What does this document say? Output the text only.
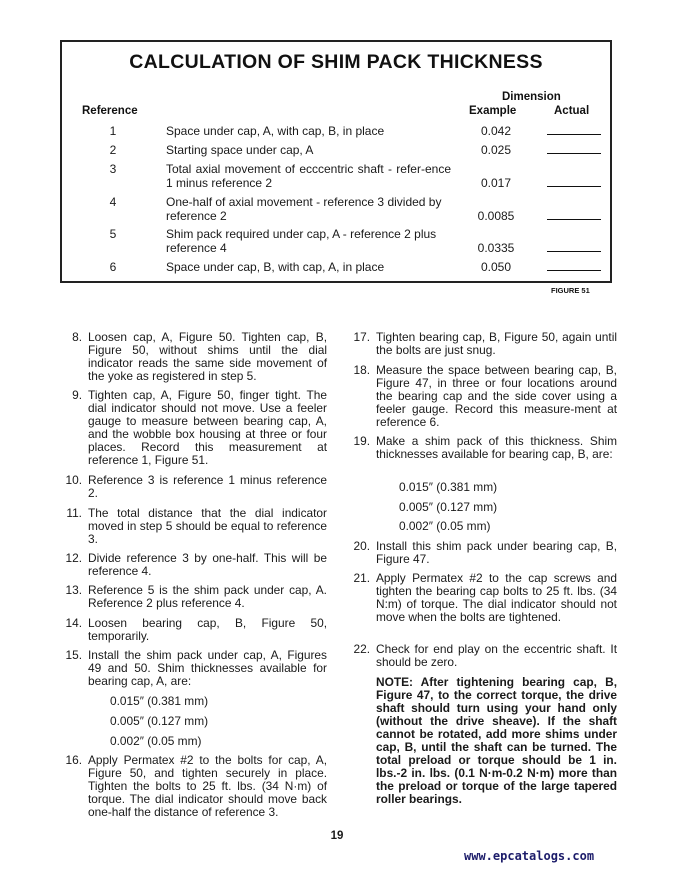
CALCULATION OF SHIM PACK THICKNESS
Reference
Dimension
Example	Actual
1	Space under cap, A, with cap, B, in place	0.042
2	Starting space under cap, A	0.025
3	Total axial movement of ecccentric shaft - refer-ence 1 minus reference 2	0.017
4	One-half of axial movement - reference 3 divided by reference 2	0.0085
5	Shim pack required under cap, A - reference 2 plus reference 4	0.0335
6	Space under cap, B, with cap, A, in place	0.050
FIGURE 51
8. Loosen cap, A, Figure 50. Tighten cap, B, Figure 50, without shims until the dial indicator reads the same side movement of the yoke as registered in step 5.
9. Tighten cap, A, Figure 50, finger tight. The dial indicator should not move. Use a feeler gauge to measure between bearing cap, A, and the wobble box housing at three or four places. Record this measurement at reference 1, Figure 51.
10. Reference 3 is reference 1 minus reference 2.
11. The total distance that the dial indicator moved in step 5 should be equal to reference 3.
12. Divide reference 3 by one-half. This will be reference 4.
13. Reference 5 is the shim pack under cap, A. Reference 2 plus reference 4.
14. Loosen bearing cap, B, Figure 50, temporarily.
15. Install the shim pack under cap, A, Figures 49 and 50. Shim thicknesses available for bearing cap, A, are:
0.015″ (0.381 mm)
0.005″ (0.127 mm)
0.002″ (0.05 mm)
16. Apply Permatex #2 to the bolts for cap, A, Figure 50, and tighten securely in place. Tighten the bolts to 25 ft. lbs. (34 N·m) of torque. The dial indicator should move back one-half the distance of reference 3.
17. Tighten bearing cap, B, Figure 50, again until the bolts are just snug.
18. Measure the space between bearing cap, B, Figure 47, in three or four locations around the bearing cap and the side cover using a feeler gauge. Record this measure-ment at reference 6.
19. Make a shim pack of this thickness. Shim thicknesses available for bearing cap, B, are:
0.015″ (0.381 mm)
0.005″ (0.127 mm)
0.002″ (0.05 mm)
20. Install this shim pack under bearing cap, B, Figure 47.
21. Apply Permatex #2 to the cap screws and tighten the bearing cap bolts to 25 ft. lbs. (34 N:m) of torque. The dial indicator should not move when the bolts are tightened.
22. Check for end play on the eccentric shaft. It should be zero.
NOTE: After tightening bearing cap, B, Figure 47, to the correct torque, the drive shaft should turn using your hand only (without the drive sheave). If the shaft cannot be rotated, add more shims under cap, B, until the shaft can be turned. The total preload or torque should be 1 in. lbs.-2 in. lbs. (0.1 N·m-0.2 N·m) more than the preload or torque of the large tapered roller bearings.
19
www.epcatalogs.com
